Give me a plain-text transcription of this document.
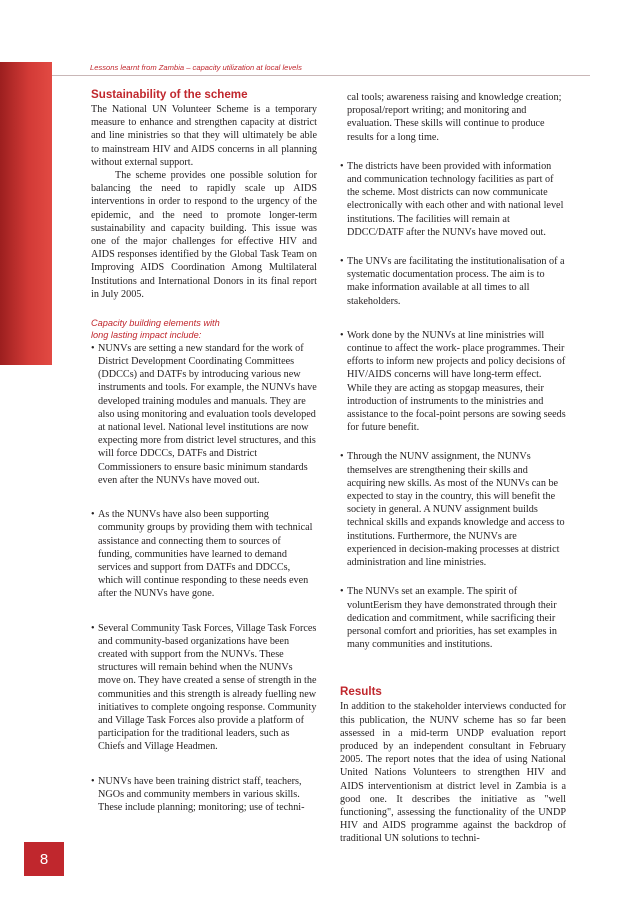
Lessons learnt from Zambia – capacity utilization at local levels
Sustainability of the scheme

The National UN Volunteer Scheme is a temporary measure to enhance and strengthen capacity at district and line ministries so that they will ultimately be able to mainstream HIV and AIDS concerns in all planning without external support.

The scheme provides one possible solution for balancing the need to rapidly scale up AIDS interventions in order to respond to the urgency of the epidemic, and the need to promote longer-term sustainability and capacity building. This issue was one of the major challenges for effective HIV and AIDS responses identified by the Global Task Team on Improving AIDS Coordination Among Multilateral Institutions and International Donors in its final report in July 2005.

Capacity building elements with
long lasting impact include:
• NUNVs are setting a new standard for the work of District Development Coordinating Committees (DDCCs) and DATFs by introducing various new instruments and tools. For example, the NUNVs have developed training modules and manuals. They are also using monitoring and evaluation tools developed at national level. National level institutions are now expecting more from district level structures, and this will force DDCCs, DATFs and District Commissioners to ensure basic minimum standards even after the NUNVs have moved out.
• As the NUNVs have also been supporting community groups by providing them with technical assistance and connecting them to sources of funding, communities have learned to demand services and support from DATFs and DDCCs, which will continue responding to these needs even after the NUNVs have gone.
• Several Community Task Forces, Village Task Forces and community-based organizations have been created with support from the NUNVs. These structures will remain behind when the NUNVs move on. They have created a sense of strength in the communities and this strength is already fuelling new initiatives to complete ongoing response. Community and Village Task Forces also provide a platform of participation for the traditional leaders, such as Chiefs and Village Headmen.
• NUNVs have been training district staff, teachers, NGOs and community members in various skills. These include planning; monitoring; use of techni-

cal tools; awareness raising and knowledge creation; proposal/report writing; and monitoring and evaluation. These skills will continue to produce results for a long time.

• The districts have been provided with information and communication technology facilities as part of the scheme. Most districts can now communicate electronically with each other and with national level institutions. The facilities will remain at DDCC/DATF after the NUNVs have moved out.
• The UNVs are facilitating the institutionalisation of a systematic documentation process. The aim is to make information available at all times to all stakeholders.
• Work done by the NUNVs at line ministries will continue to affect the work- place programmes. Their efforts to inform new projects and policy decisions of HIV/AIDS concerns will have long-term effect. While they are acting as stopgap measures, their introduction of instruments to the ministries and assistance to the focal-point persons are sowing seeds for future benefit.
• Through the NUNV assignment, the NUNVs themselves are strengthening their skills and acquiring new skills. As most of the NUNVs can be expected to stay in the country, this will benefit the society in general. A NUNV assignment builds technical skills and expands knowledge and access to institutions. Furthermore, the NUNVs are experienced in decision-making processes at district administration and line ministries.
• The NUNVs set an example. The spirit of voluntEerism they have demonstrated through their dedication and commitment, while sacrificing their personal comfort and priorities, has set examples in many communities and institutions.
Results

In addition to the stakeholder interviews conducted for this publication, the NUNV scheme has so far been assessed in a mid-term UNDP evaluation report produced by an independent consultant in February 2005. The report notes that the idea of using National United Nations Volunteers to strengthen HIV and AIDS interventionism at district level in Zambia is a good one. It describes the initiative as "well functioning", assessing the functionality of the UNDP HIV and AIDS programme against the backdrop of traditional UN solutions to techni-

8
